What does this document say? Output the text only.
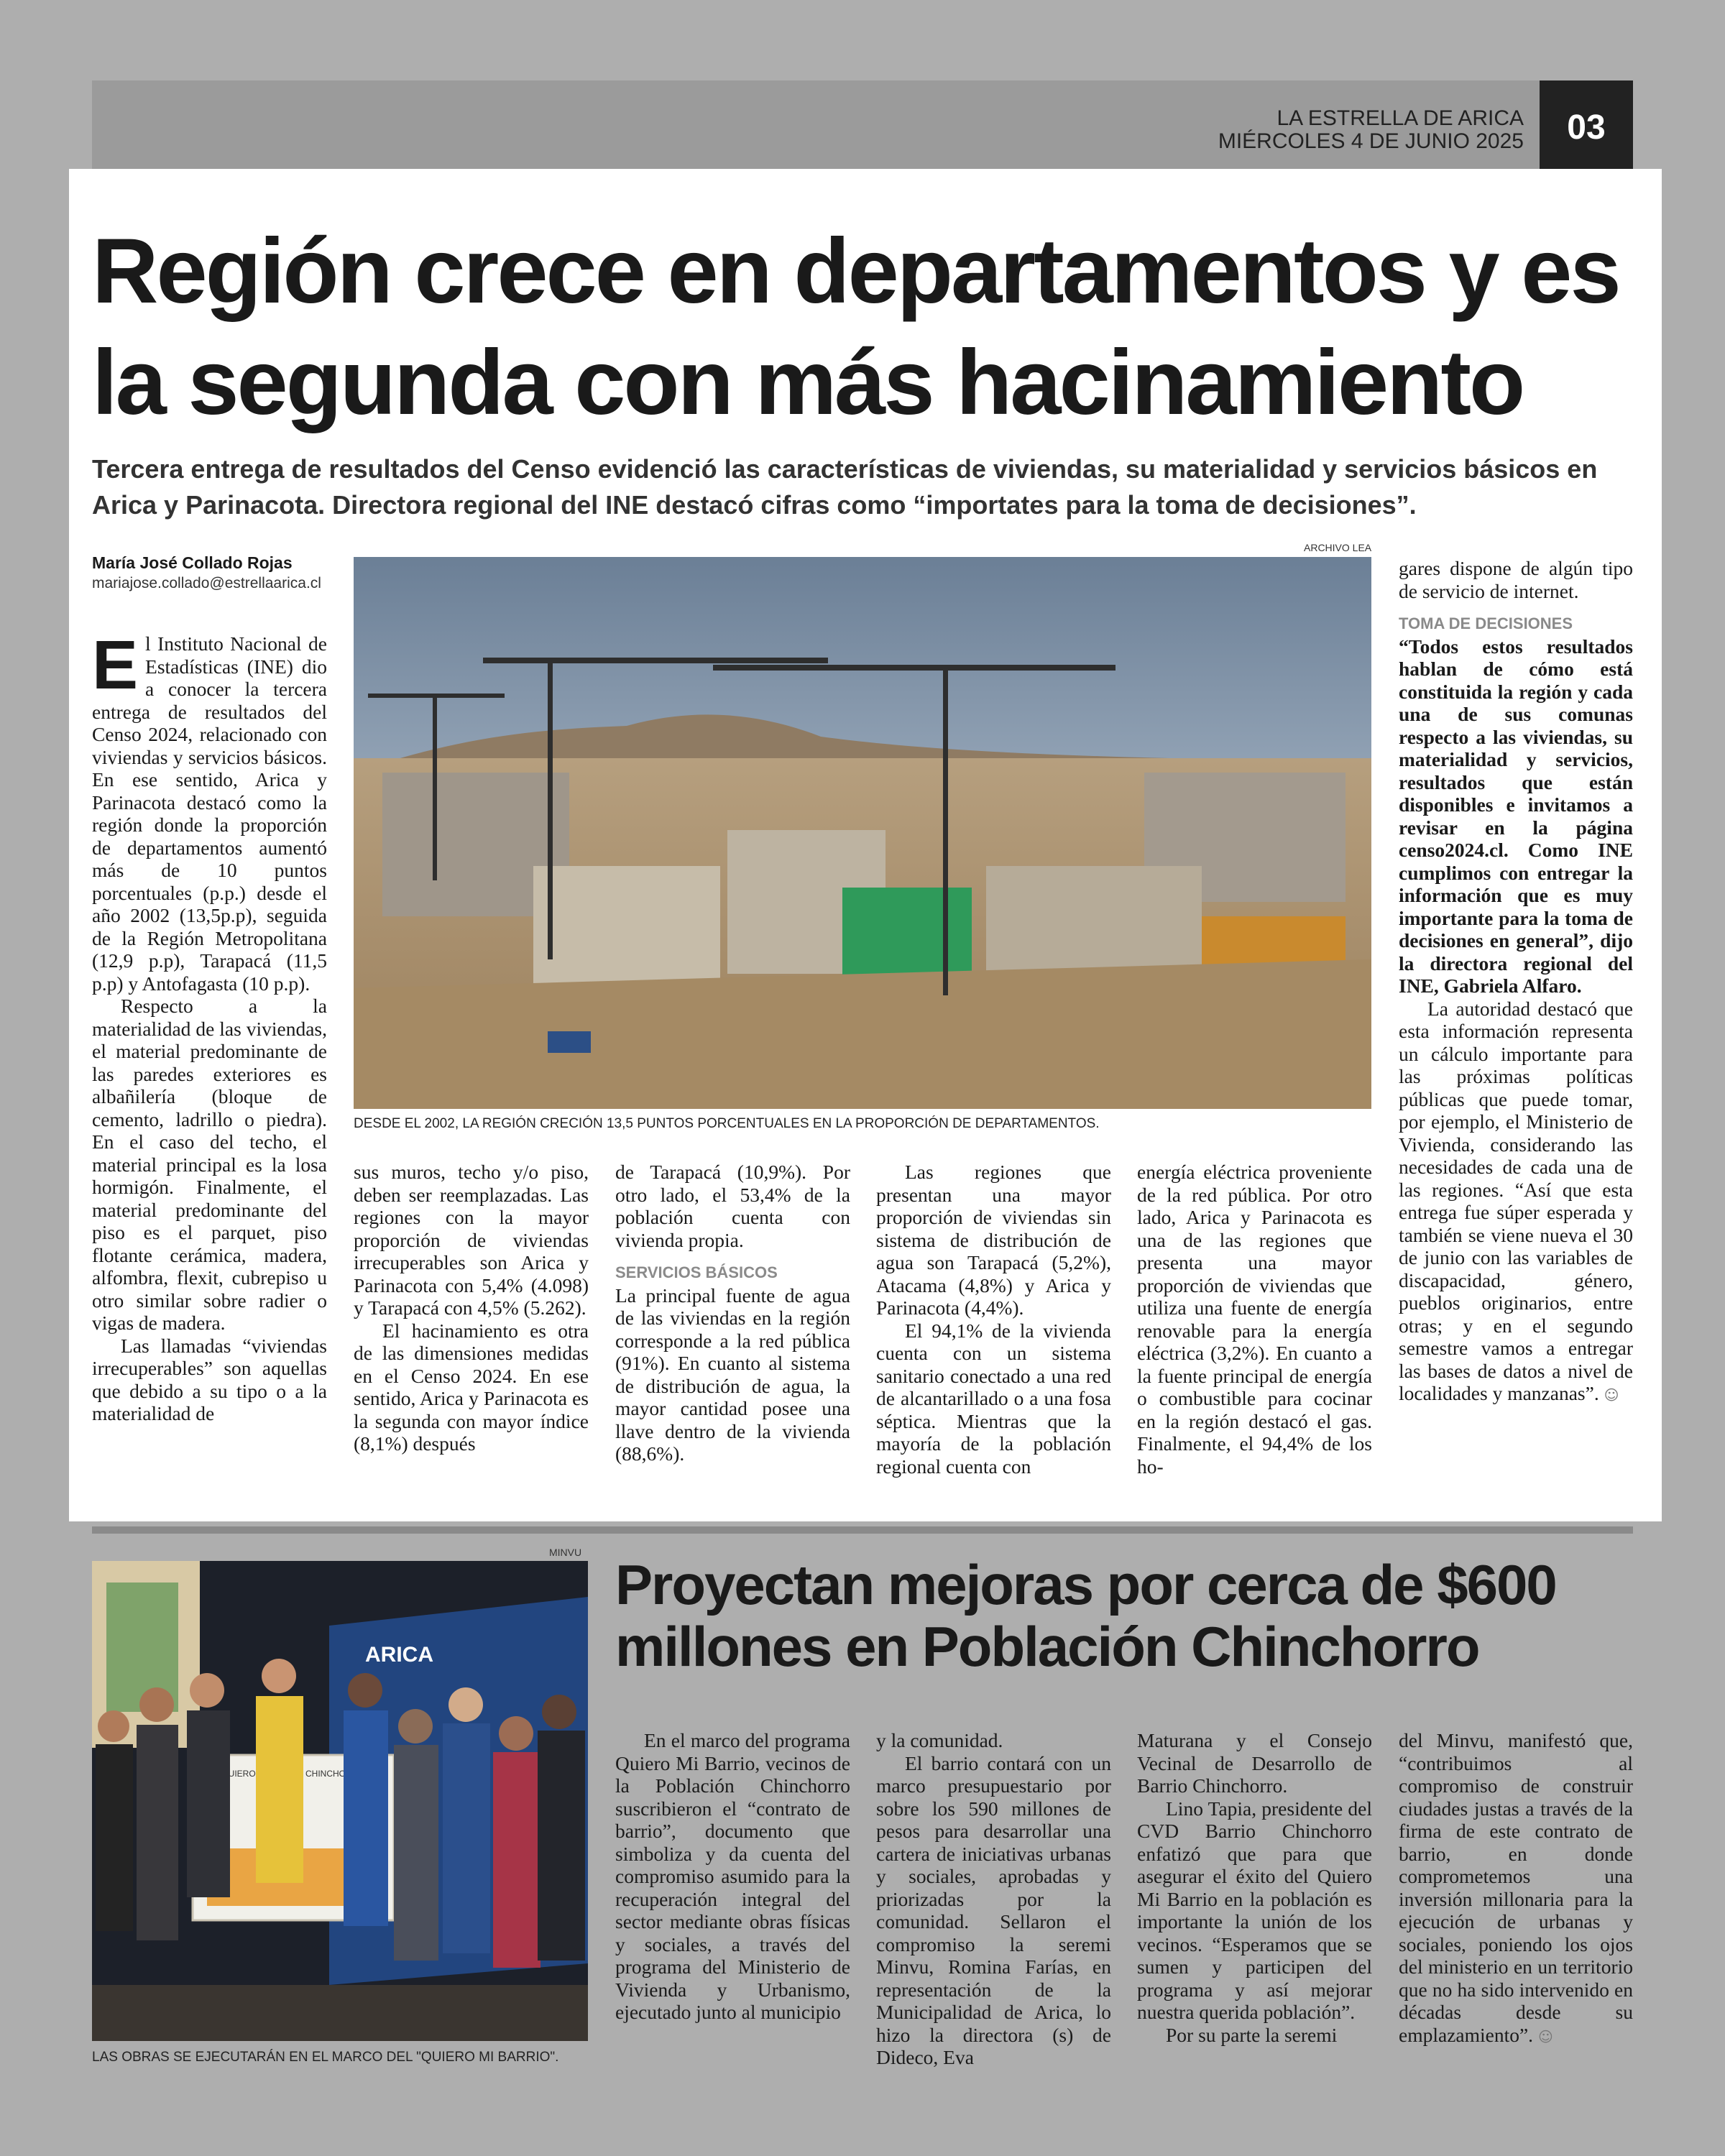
LA ESTRELLA DE ARICA
MIÉRCOLES 4 DE JUNIO 2025	03
Región crece en departamentos y es la segunda con más hacinamiento

Tercera entrega de resultados del Censo evidenció las características de viviendas, su materialidad y servicios básicos en Arica y Parinacota. Directora regional del INE destacó cifras como “importates para la toma de decisiones”.

María José Collado Rojas
mariajose.collado@estrellaarica.cl
ARCHIVO LEA
DESDE EL 2002, LA REGIÓN CRECIÓN 13,5 PUNTOS PORCENTUALES EN LA PROPORCIÓN DE DEPARTAMENTOS.
E l Instituto Nacional de Estadísticas (INE) dio a conocer la tercera entrega de resultados del Censo 2024, relacionado con viviendas y servicios básicos. En ese sentido, Arica y Parinacota destacó como la región donde la proporción de departamentos aumentó más de 10 puntos porcentuales (p.p.) desde el año 2002 (13,5p.p), seguida de la Región Metropolitana (12,9 p.p), Tarapacá (11,5 p.p) y Antofagasta (10 p.p).

Respecto a la materialidad de las viviendas, el material predominante de las paredes exteriores es albañilería (bloque de cemento, ladrillo o piedra). En el caso del techo, el material principal es la losa hormigón. Finalmente, el material predominante del piso es el parquet, piso flotante cerámica, madera, alfombra, flexit, cubrepiso u otro similar sobre radier o vigas de madera.

Las llamadas “viviendas irrecuperables” son aquellas que debido a su tipo o a la materialidad de

sus muros, techo y/o piso, deben ser reemplazadas. Las regiones con la mayor proporción de viviendas irrecuperables son Arica y Parinacota con 5,4% (4.098) y Tarapacá con 4,5% (5.262).

El hacinamiento es otra de las dimensiones medidas en el Censo 2024. En ese sentido, Arica y Parinacota es la segunda con mayor índice (8,1%) después

de Tarapacá (10,9%). Por otro lado, el 53,4% de la población cuenta con vivienda propia.

SERVICIOS BÁSICOS

La principal fuente de agua de las viviendas en la región corresponde a la red pública (91%). En cuanto al sistema de distribución de agua, la mayor cantidad posee una llave dentro de la vivienda (88,6%).

Las regiones que presentan una mayor proporción de viviendas sin sistema de distribución de agua son Tarapacá (5,2%), Atacama (4,8%) y Arica y Parinacota (4,4%).

El 94,1% de la vivienda cuenta con un sistema sanitario conectado a una red de alcantarillado o a una fosa séptica. Mientras que la mayoría de la población regional cuenta con

energía eléctrica proveniente de la red pública. Por otro lado, Arica y Parinacota es una de las regiones que presenta una mayor proporción de viviendas que utiliza una fuente de energía renovable para la energía eléctrica (3,2%). En cuanto a la fuente principal de energía o combustible para cocinar en la región destacó el gas. Finalmente, el 94,4% de los ho-

gares dispone de algún tipo de servicio de internet.

TOMA DE DECISIONES

“Todos estos resultados hablan de cómo está constituida la región y cada una de sus comunas respecto a las viviendas, su materialidad y servicios, resultados que están disponibles e invitamos a revisar en la página censo2024.cl. Como INE cumplimos con entregar la información que es muy importante para la toma de decisiones en general”, dijo la directora regional del INE, Gabriela Alfaro.

La autoridad destacó que esta información representa un cálculo importante para las próximas políticas públicas que puede tomar, por ejemplo, el Ministerio de Vivienda, considerando las necesidades de cada una de las regiones. “Así que esta entrega fue súper esperada y también se viene nueva el 30 de junio con las variables de discapacidad, género, pueblos originarios, entre otras; y en el segundo semestre vamos a entregar las bases de datos a nivel de localidades y manzanas”. ☺

MINVU
ARICA
QUIERO CHINCHORRO
LAS OBRAS SE EJECUTARÁN EN EL MARCO DEL "QUIERO MI BARRIO".
Proyectan mejoras por cerca de $600 millones en Población Chinchorro

En el marco del programa Quiero Mi Barrio, vecinos de la Población Chinchorro suscribieron el “contrato de barrio”, documento que simboliza y da cuenta del compromiso asumido para la recuperación integral del sector mediante obras físicas y sociales, a través del programa del Ministerio de Vivienda y Urbanismo, ejecutado junto al municipio

y la comunidad.

El barrio contará con un marco presupuestario por sobre los 590 millones de pesos para desarrollar una cartera de iniciativas urbanas y sociales, aprobadas y priorizadas por la comunidad. Sellaron el compromiso la seremi Minvu, Romina Farías, en representación de la Municipalidad de Arica, lo hizo la directora (s) de Dideco, Eva

Maturana y el Consejo Vecinal de Desarrollo de Barrio Chinchorro.

Lino Tapia, presidente del CVD Barrio Chinchorro enfatizó que para que asegurar el éxito del Quiero Mi Barrio en la población es importante la unión de los vecinos. “Esperamos que se sumen y participen del programa y así mejorar nuestra querida población”.

Por su parte la seremi

del Minvu, manifestó que, “contribuimos al compromiso de construir ciudades justas a través de la firma de este contrato de barrio, en donde comprometemos una inversión millonaria para la ejecución de urbanas y sociales, poniendo los ojos del ministerio en un territorio que no ha sido intervenido en décadas desde su emplazamiento”. ☺
